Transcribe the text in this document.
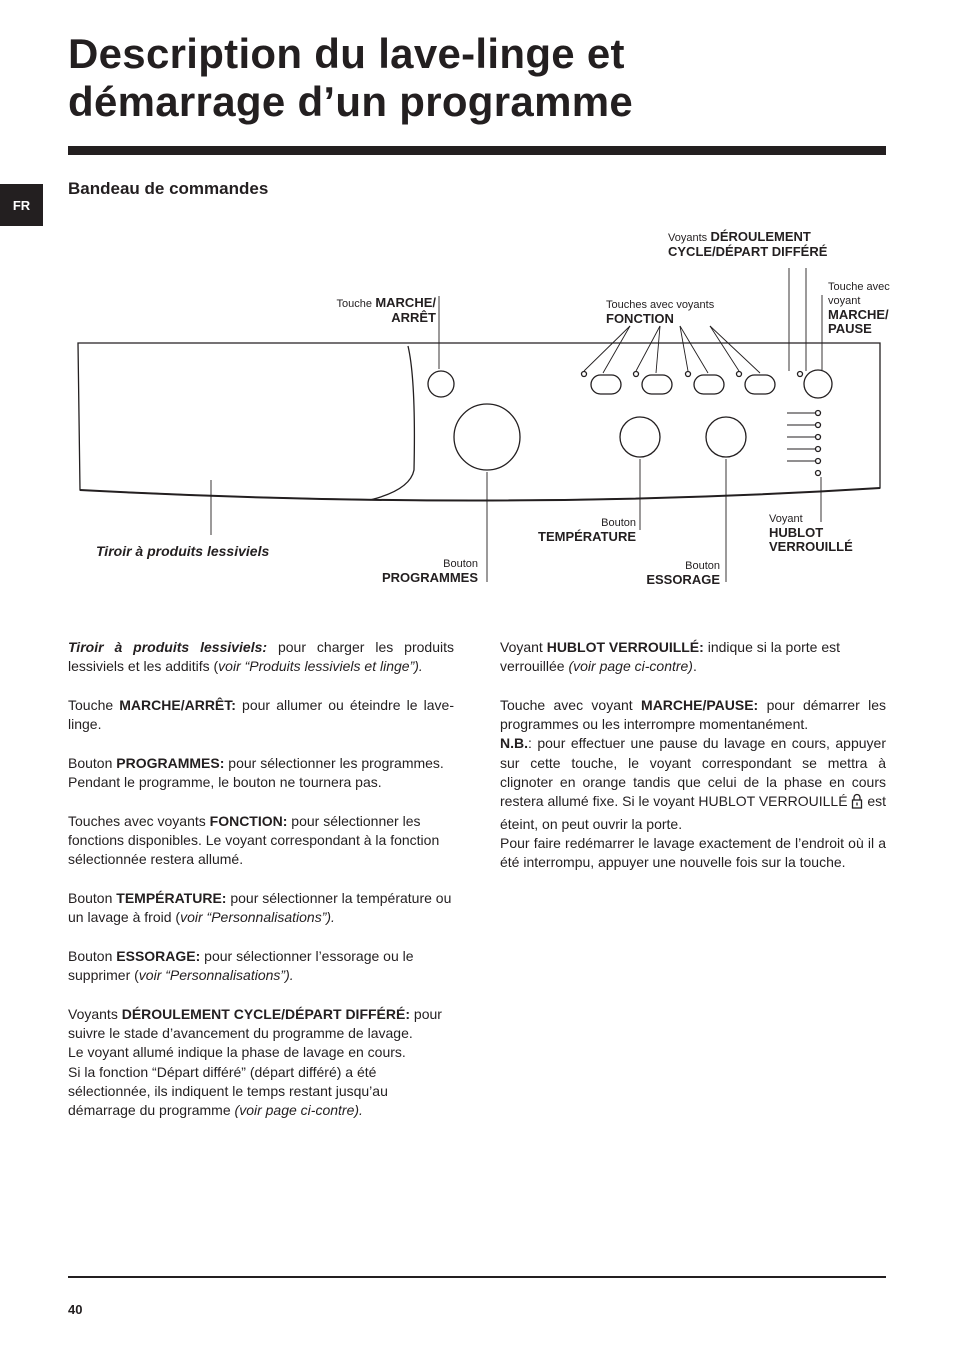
Description du lave-linge et
démarrage d’un programme
FR
Bandeau de commandes
Touche MARCHE/
ARRÊT
Touches avec voyants
FONCTION
Voyants DÉROULEMENT
CYCLE/DÉPART DIFFÉRÉ
Touche avec
voyant
MARCHE/
PAUSE
Tiroir à produits lessiviels
Bouton
PROGRAMMES
Bouton
TEMPÉRATURE
Bouton
ESSORAGE
Voyant
HUBLOT
VERROUILLÉ

Tiroir à produits lessiviels: pour charger les produits lessiviels et les additifs (voir “Produits lessiviels et linge”).

Touche MARCHE/ARRÊT: pour allumer ou éteindre le lave-linge.

Bouton PROGRAMMES: pour sélectionner les programmes. Pendant le programme, le bouton ne tournera pas.

Touches avec voyants FONCTION: pour sélectionner les fonctions disponibles. Le voyant correspondant à la fonction sélectionnée restera allumé.

Bouton TEMPÉRATURE: pour sélectionner la température ou un lavage à froid (voir “Personnalisations”).

Bouton ESSORAGE: pour sélectionner l’essorage ou le supprimer (voir “Personnalisations”).

Voyants DÉROULEMENT CYCLE/DÉPART DIFFÉRÉ: pour suivre le stade d’avancement du programme de lavage.
Le voyant allumé indique la phase de lavage en cours.
Si la fonction “Départ différé” (départ différé) a été sélectionnée, ils indiquent le temps restant jusqu’au démarrage du programme (voir page ci-contre).

Voyant HUBLOT VERROUILLÉ: indique si la porte est verrouillée (voir page ci-contre).

Touche avec voyant MARCHE/PAUSE: pour démarrer les programmes ou les interrompre momentanément.
N.B.: pour effectuer une pause du lavage en cours, appuyer sur cette touche, le voyant correspondant se mettra à clignoter en orange tandis que celui de la phase en cours restera allumé fixe. Si le voyant HUBLOT VERROUILLÉ  est éteint, on peut ouvrir la porte.
Pour faire redémarrer le lavage exactement de l’endroit où il a été interrompu, appuyer une nouvelle fois sur la touche.

40
